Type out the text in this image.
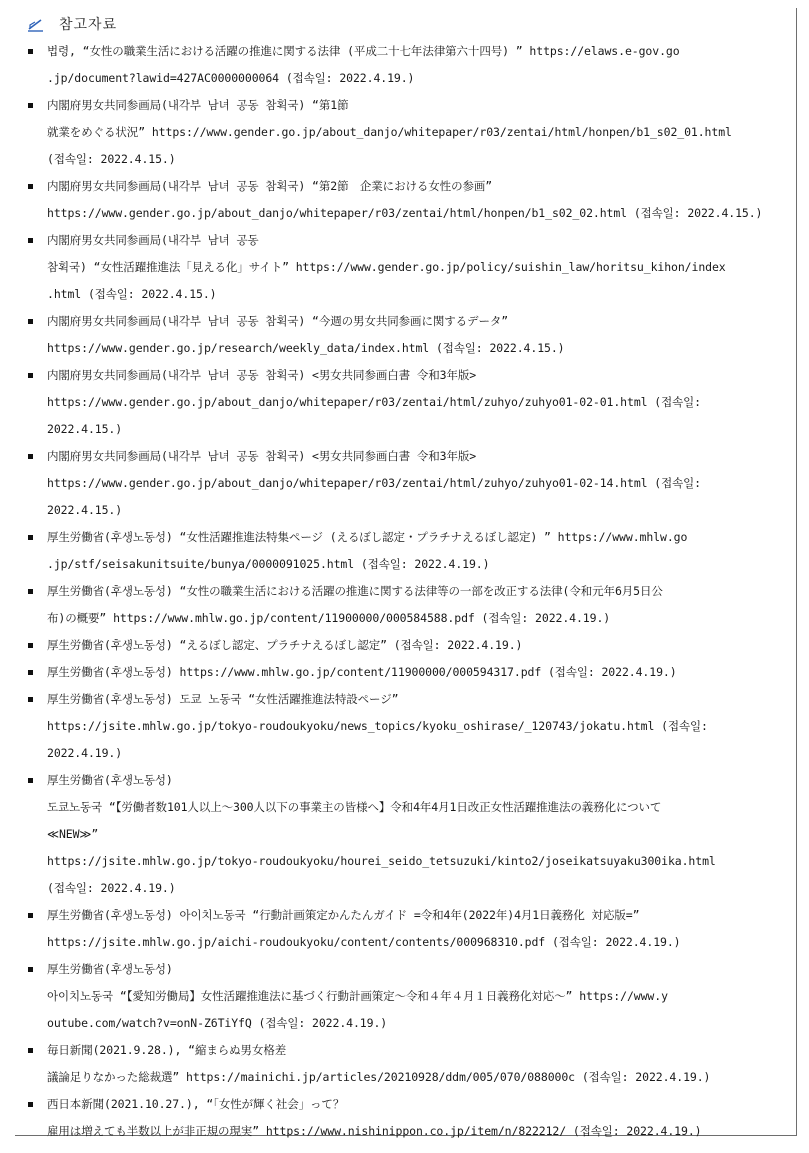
참고자료
법령, “女性の職業生活における活躍の推進に関する法律 (平成二十七年法律第六十四号) ” https://elaws.e-gov.go
.jp/document?lawid=427AC0000000064 (접속일: 2022.4.19.)
内閣府男女共同参画局(내각부 남녀 공동 참획국) “第1節
就業をめぐる状況” https://www.gender.go.jp/about_danjo/whitepaper/r03/zentai/html/honpen/b1_s02_01.html
(접속일: 2022.4.15.)
内閣府男女共同参画局(내각부 남녀 공동 참획국) “第2節　企業における女性の参画”
https://www.gender.go.jp/about_danjo/whitepaper/r03/zentai/html/honpen/b1_s02_02.html (접속일: 2022.4.15.)
内閣府男女共同参画局(내각부 남녀 공동
참획국) “女性活躍推進法「見える化」サイト” https://www.gender.go.jp/policy/suishin_law/horitsu_kihon/index
.html (접속일: 2022.4.15.)
内閣府男女共同参画局(내각부 남녀 공동 참획국) “今週の男女共同参画に関するデータ”
https://www.gender.go.jp/research/weekly_data/index.html (접속일: 2022.4.15.)
内閣府男女共同参画局(내각부 남녀 공동 참획국) <男女共同参画白書 令和3年版>
https://www.gender.go.jp/about_danjo/whitepaper/r03/zentai/html/zuhyo/zuhyo01-02-01.html (접속일:
2022.4.15.)
内閣府男女共同参画局(내각부 남녀 공동 참획국) <男女共同参画白書 令和3年版>
https://www.gender.go.jp/about_danjo/whitepaper/r03/zentai/html/zuhyo/zuhyo01-02-14.html (접속일:
2022.4.15.)
厚生労働省(후생노동성) “女性活躍推進法特集ページ (えるぼし認定・プラチナえるぼし認定) ” https://www.mhlw.go
.jp/stf/seisakunitsuite/bunya/0000091025.html (접속일: 2022.4.19.)
厚生労働省(후생노동성) “女性の職業生活における活躍の推進に関する法律等の一部を改正する法律(令和元年6月5日公
布)の概要” https://www.mhlw.go.jp/content/11900000/000584588.pdf (접속일: 2022.4.19.)
厚生労働省(후생노동성) “えるぼし認定、プラチナえるぼし認定” (접속일: 2022.4.19.)
厚生労働省(후생노동성) https://www.mhlw.go.jp/content/11900000/000594317.pdf (접속일: 2022.4.19.)
厚生労働省(후생노동성) 도쿄 노동국 “女性活躍推進法特設ページ”
https://jsite.mhlw.go.jp/tokyo-roudoukyoku/news_topics/kyoku_oshirase/_120743/jokatu.html (접속일:
2022.4.19.)
厚生労働省(후생노동성)
도쿄노동국 “【労働者数101人以上～300人以下の事業主の皆様へ】令和4年4月1日改正女性活躍推進法の義務化について
≪NEW≫”
https://jsite.mhlw.go.jp/tokyo-roudoukyoku/hourei_seido_tetsuzuki/kinto2/joseikatsuyaku300ika.html
(접속일: 2022.4.19.)
厚生労働省(후생노동성) 아이치노동국 “行動計画策定かんたんガイド =令和4年(2022年)4月1日義務化 対応版=”
https://jsite.mhlw.go.jp/aichi-roudoukyoku/content/contents/000968310.pdf (접속일: 2022.4.19.)
厚生労働省(후생노동성)
아이치노동국 “【愛知労働局】女性活躍推進法に基づく行動計画策定～令和４年４月１日義務化対応～” https://www.y
outube.com/watch?v=onN-Z6TiYfQ (접속일: 2022.4.19.)
毎日新聞(2021.9.28.), “縮まらぬ男女格差
議論足りなかった総裁選” https://mainichi.jp/articles/20210928/ddm/005/070/088000c (접속일: 2022.4.19.)
西日本新聞(2021.10.27.), “「女性が輝く社会」って？
雇用は増えても半数以上が非正規の現実” https://www.nishinippon.co.jp/item/n/822212/ (접속일: 2022.4.19.)
